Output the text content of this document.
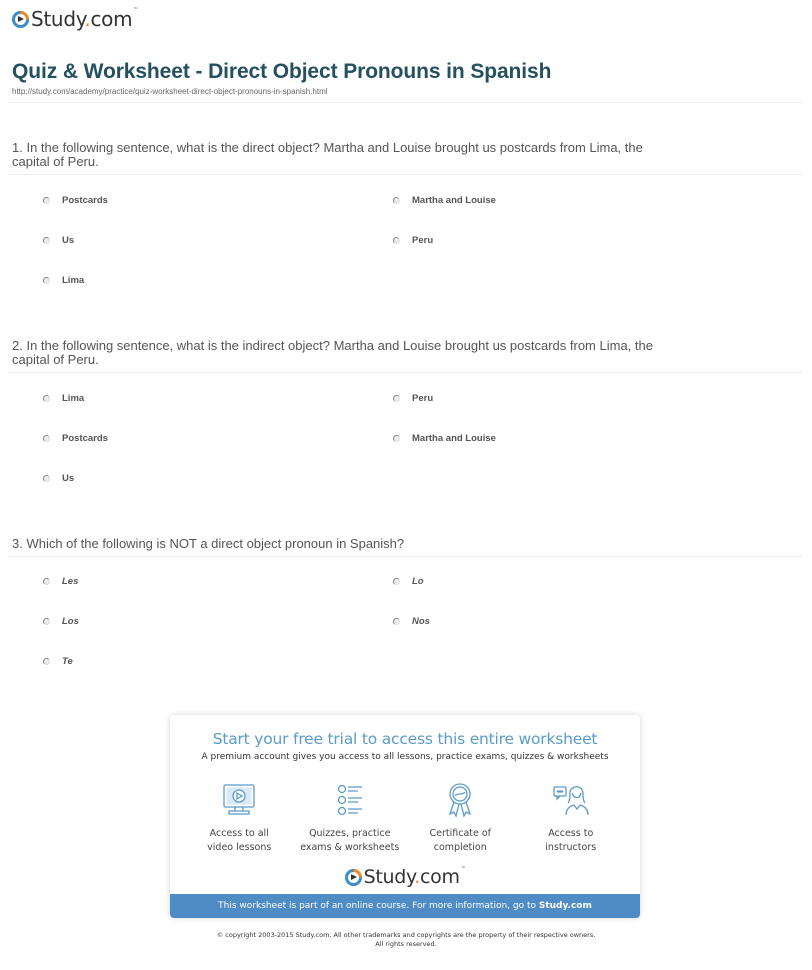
Study.com™
Quiz & Worksheet - Direct Object Pronouns in Spanish
http://study.com/academy/practice/quiz-worksheet-direct-object-pronouns-in-spanish.html
1. In the following sentence, what is the direct object? Martha and Louise brought us postcards from Lima, the capital of Peru.
Postcards	Martha and Louise
Us	Peru
Lima
2. In the following sentence, what is the indirect object? Martha and Louise brought us postcards from Lima, the capital of Peru.
Lima	Peru
Postcards	Martha and Louise
Us
3. Which of the following is NOT a direct object pronoun in Spanish?
Les	Lo
Los	Nos
Te
Start your free trial to access this entire worksheet
A premium account gives you access to all lessons, practice exams, quizzes & worksheets
Access to all
video lessons
Quizzes, practice
exams & worksheets
Certificate of
completion
Access to
instructors
Study.com™
This worksheet is part of an online course. For more information, go to Study.com
© copyright 2003-2015 Study.com. All other trademarks and copyrights are the property of their respective owners.
All rights reserved.
